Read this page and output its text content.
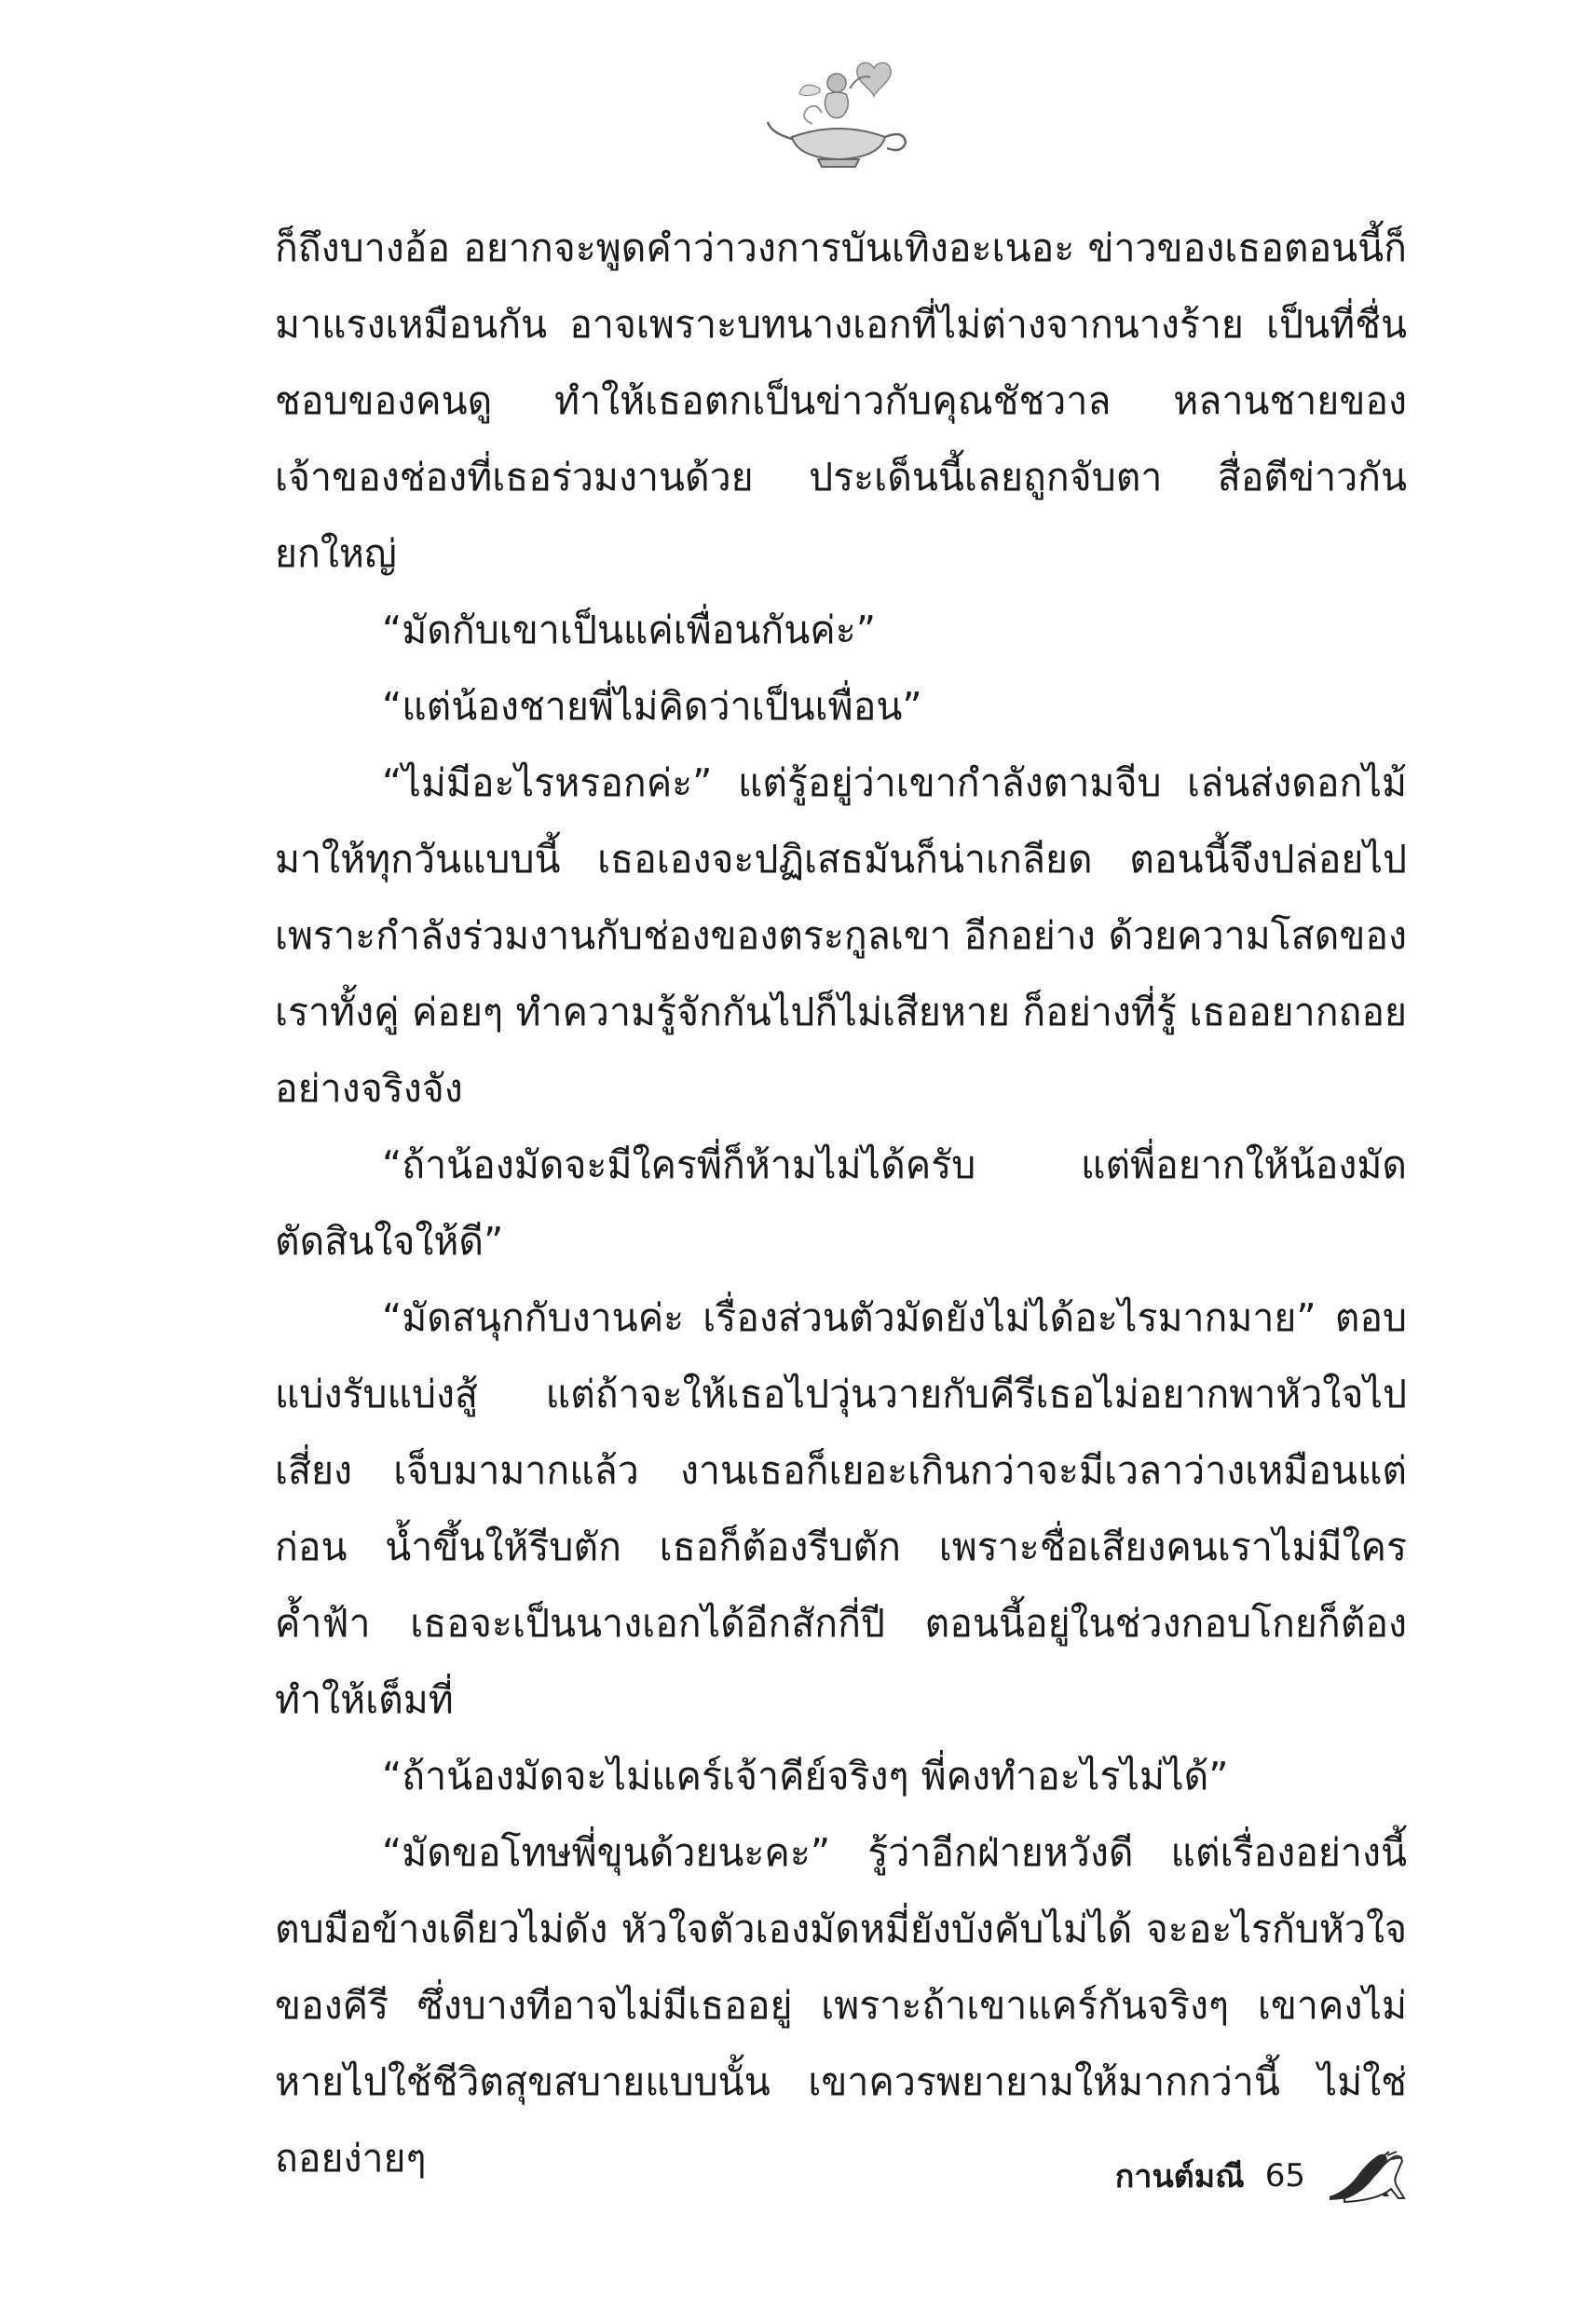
ก็ถึงบางอ้อ อยากจะพูดคำว่าวงการบันเทิงอะเนอะ ข่าวของเธอตอนนี้ก็มาแรงเหมือนกัน อาจเพราะบทนางเอกที่ไม่ต่างจากนางร้าย เป็นที่ชื่นชอบของคนดู ทำให้เธอตกเป็นข่าวกับคุณชัชวาล หลานชายของเจ้าของช่องที่เธอร่วมงานด้วย ประเด็นนี้เลยถูกจับตา สื่อตีข่าวกันยกใหญ่

“มัดกับเขาเป็นแค่เพื่อนกันค่ะ”

“แต่น้องชายพี่ไม่คิดว่าเป็นเพื่อน”

“ไม่มีอะไรหรอกค่ะ” แต่รู้อยู่ว่าเขากำลังตามจีบ เล่นส่งดอกไม้มาให้ทุกวันแบบนี้ เธอเองจะปฏิเสธมันก็น่าเกลียด ตอนนี้จึงปล่อยไปเพราะกำลังร่วมงานกับช่องของตระกูลเขา อีกอย่าง ด้วยความโสดของเราทั้งคู่ ค่อยๆ ทำความรู้จักกันไปก็ไม่เสียหาย ก็อย่างที่รู้ เธออยากถอยอย่างจริงจัง

“ถ้าน้องมัดจะมีใครพี่ก็ห้ามไม่ได้ครับ แต่พี่อยากให้น้องมัดตัดสินใจให้ดี”

“มัดสนุกกับงานค่ะ เรื่องส่วนตัวมัดยังไม่ได้อะไรมากมาย” ตอบแบ่งรับแบ่งสู้ แต่ถ้าจะให้เธอไปวุ่นวายกับคีรีเธอไม่อยากพาหัวใจไปเสี่ยง เจ็บมามากแล้ว งานเธอก็เยอะเกินกว่าจะมีเวลาว่างเหมือนแต่ก่อน น้ำขึ้นให้รีบตัก เธอก็ต้องรีบตัก เพราะชื่อเสียงคนเราไม่มีใครค้ำฟ้า เธอจะเป็นนางเอกได้อีกสักกี่ปี ตอนนี้อยู่ในช่วงกอบโกยก็ต้องทำให้เต็มที่

“ถ้าน้องมัดจะไม่แคร์เจ้าคีย์จริงๆ พี่คงทำอะไรไม่ได้”

“มัดขอโทษพี่ขุนด้วยนะคะ” รู้ว่าอีกฝ่ายหวังดี แต่เรื่องอย่างนี้ตบมือข้างเดียวไม่ดัง หัวใจตัวเองมัดหมี่ยังบังคับไม่ได้ จะอะไรกับหัวใจของคีรี ซึ่งบางทีอาจไม่มีเธออยู่ เพราะถ้าเขาแคร์กันจริงๆ เขาคงไม่หายไปใช้ชีวิตสุขสบายแบบนั้น เขาควรพยายามให้มากกว่านี้ ไม่ใช่ถอยง่ายๆ	กานต์มณี 65
